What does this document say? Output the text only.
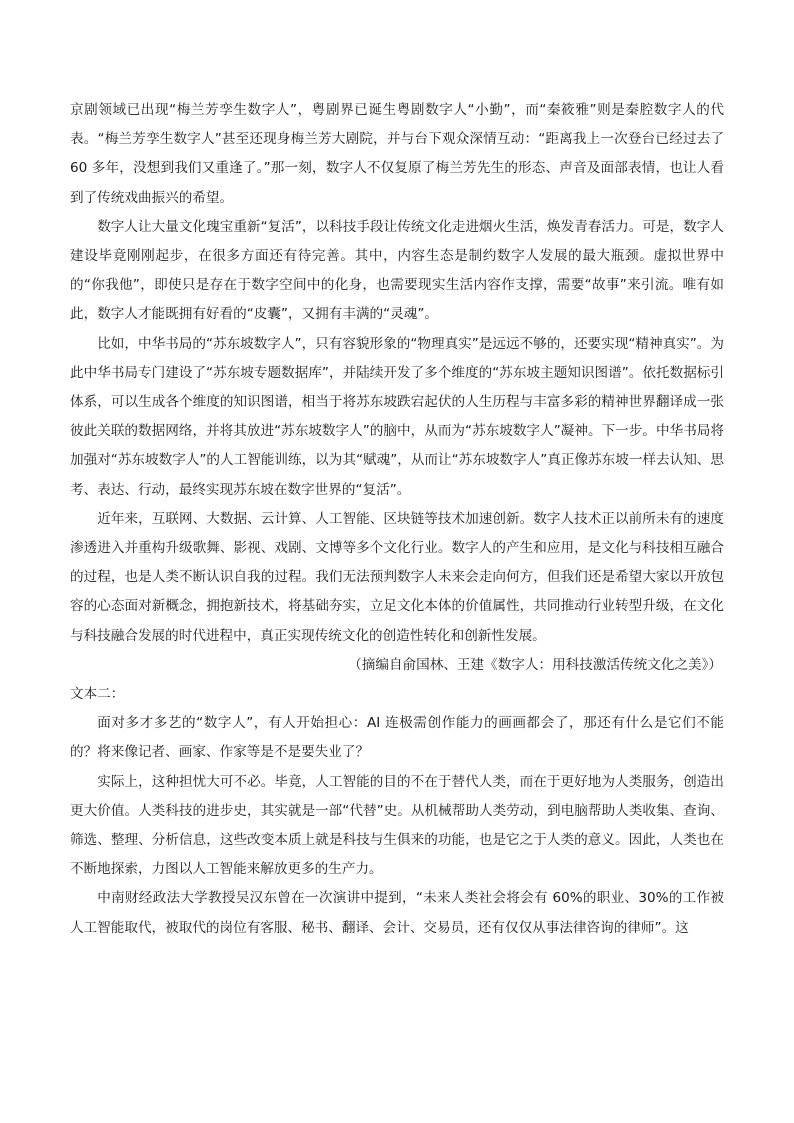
京剧领域已出现“梅兰芳孪生数字人”，粤剧界已诞生粤剧数字人“小勤”，而“秦筱雅”则是秦腔数字人的代表。“梅兰芳孪生数字人”甚至还现身梅兰芳大剧院，并与台下观众深情互动：“距离我上一次登台已经过去了 60 多年，没想到我们又重逢了。”那一刻，数字人不仅复原了梅兰芳先生的形态、声音及面部表情，也让人看到了传统戏曲振兴的希望。

数字人让大量文化瑰宝重新“复活”，以科技手段让传统文化走进烟火生活，焕发青春活力。可是，数字人建设毕竟刚刚起步，在很多方面还有待完善。其中，内容生态是制约数字人发展的最大瓶颈。虚拟世界中的“你我他”，即使只是存在于数字空间中的化身，也需要现实生活内容作支撑，需要“故事”来引流。唯有如此，数字人才能既拥有好看的“皮囊”，又拥有丰满的“灵魂”。

比如，中华书局的“苏东坡数字人”，只有容貌形象的“物理真实”是远远不够的，还要实现“精神真实”。为此中华书局专门建设了“苏东坡专题数据库”，并陆续开发了多个维度的“苏东坡主题知识图谱”。依托数据标引体系，可以生成各个维度的知识图谱，相当于将苏东坡跌宕起伏的人生历程与丰富多彩的精神世界翻译成一张彼此关联的数据网络，并将其放进“苏东坡数字人”的脑中，从而为“苏东坡数字人”凝神。下一步。中华书局将加强对“苏东坡数字人”的人工智能训练，以为其“赋魂”，从而让“苏东坡数字人”真正像苏东坡一样去认知、思考、表达、行动，最终实现苏东坡在数字世界的“复活”。

近年来，互联网、大数据、云计算、人工智能、区块链等技术加速创新。数字人技术正以前所未有的速度渗透进入并重构升级歌舞、影视、戏剧、文博等多个文化行业。数字人的产生和应用，是文化与科技相互融合的过程，也是人类不断认识自我的过程。我们无法预判数字人未来会走向何方，但我们还是希望大家以开放包容的心态面对新概念，拥抱新技术，将基础夯实，立足文化本体的价值属性，共同推动行业转型升级，在文化与科技融合发展的时代进程中，真正实现传统文化的创造性转化和创新性发展。

（摘编自俞国林、王建《数字人：用科技激活传统文化之美》）

文本二：

面对多才多艺的“数字人”，有人开始担心：AI 连极需创作能力的画画都会了，那还有什么是它们不能的？将来像记者、画家、作家等是不是要失业了？

实际上，这种担忧大可不必。毕竟，人工智能的目的不在于替代人类，而在于更好地为人类服务，创造出更大价值。人类科技的进步史，其实就是一部“代替”史。从机械帮助人类劳动，到电脑帮助人类收集、查询、筛选、整理、分析信息，这些改变本质上就是科技与生俱来的功能，也是它之于人类的意义。因此，人类也在不断地探索，力图以人工智能来解放更多的生产力。

中南财经政法大学教授吴汉东曾在一次演讲中提到，“未来人类社会将会有 60%的职业、30%的工作被人工智能取代，被取代的岗位有客服、秘书、翻译、会计、交易员，还有仅仅从事法律咨询的律师”。这
